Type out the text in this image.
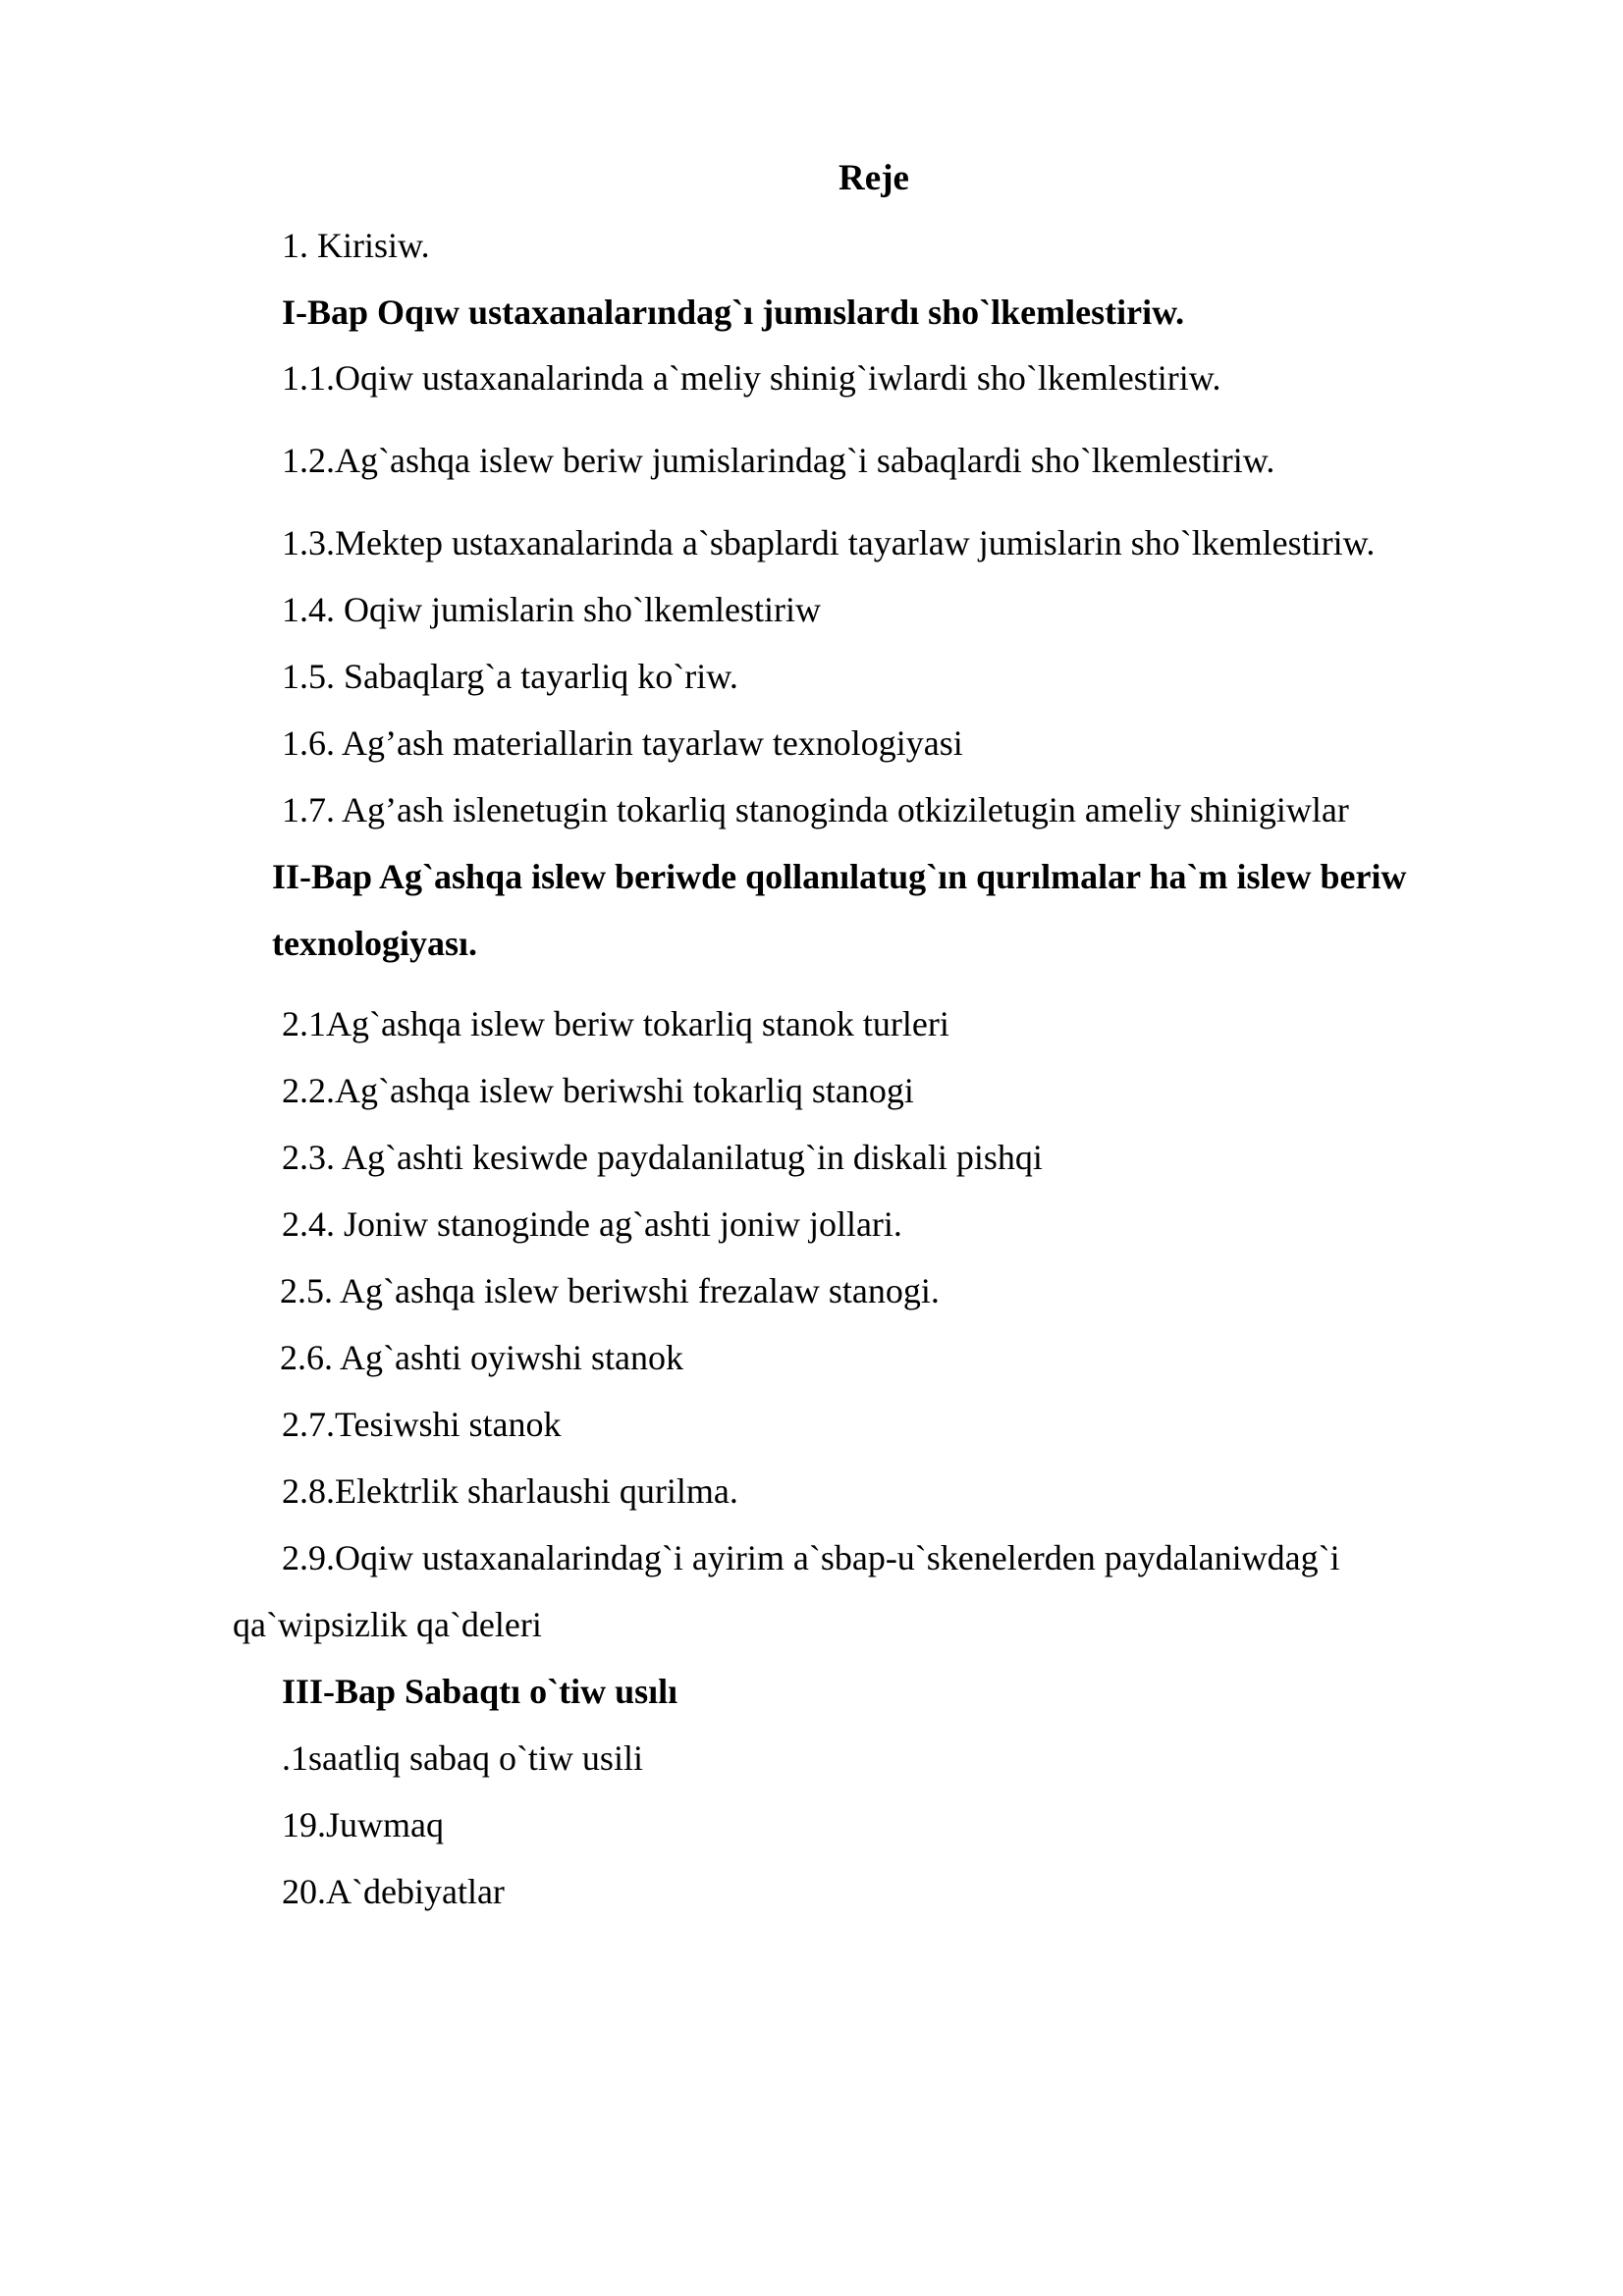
Reje
1. Kirisiw.
I-Bap Oqıw ustaxanalarındag`ı jumıslardı sho`lkemlestiriw.
1.1.Oqiw ustaxanalarinda a`meliy shinig`iwlardi sho`lkemlestiriw.
1.2.Ag`ashqa islew beriw jumislarindag`i sabaqlardi sho`lkemlestiriw.
1.3.Mektep ustaxanalarinda a`sbaplardi tayarlaw jumislarin sho`lkemlestiriw.
1.4. Oqiw jumislarin sho`lkemlestiriw
1.5. Sabaqlarg`a tayarliq ko`riw.
1.6. Ag’ash materiallarin tayarlaw texnologiyasi
1.7. Ag’ash islenetugin tokarliq stanoginda otkiziletugin ameliy shinigiwlar
II-Bap Ag`ashqa islew beriwde qollanılatug`ın qurılmalar ha`m islew beriw
texnologiyası.
2.1Ag`ashqa islew beriw tokarliq stanok turleri
2.2.Ag`ashqa islew beriwshi tokarliq stanogi
2.3. Ag`ashti kesiwde paydalanilatug`in diskali pishqi
2.4. Joniw stanoginde ag`ashti joniw jollari.
2.5. Ag`ashqa islew beriwshi frezalaw stanogi.
2.6. Ag`ashti oyiwshi stanok
2.7.Tesiwshi stanok
2.8.Elektrlik sharlaushi qurilma.
2.9.Oqiw ustaxanalarindag`i ayirim a`sbap-u`skenelerden paydalaniwdag`i
qa`wipsizlik qa`deleri
III-Bap Sabaqtı o`tiw usılı
.1saatliq sabaq o`tiw usili
19.Juwmaq
20.A`debiyatlar
